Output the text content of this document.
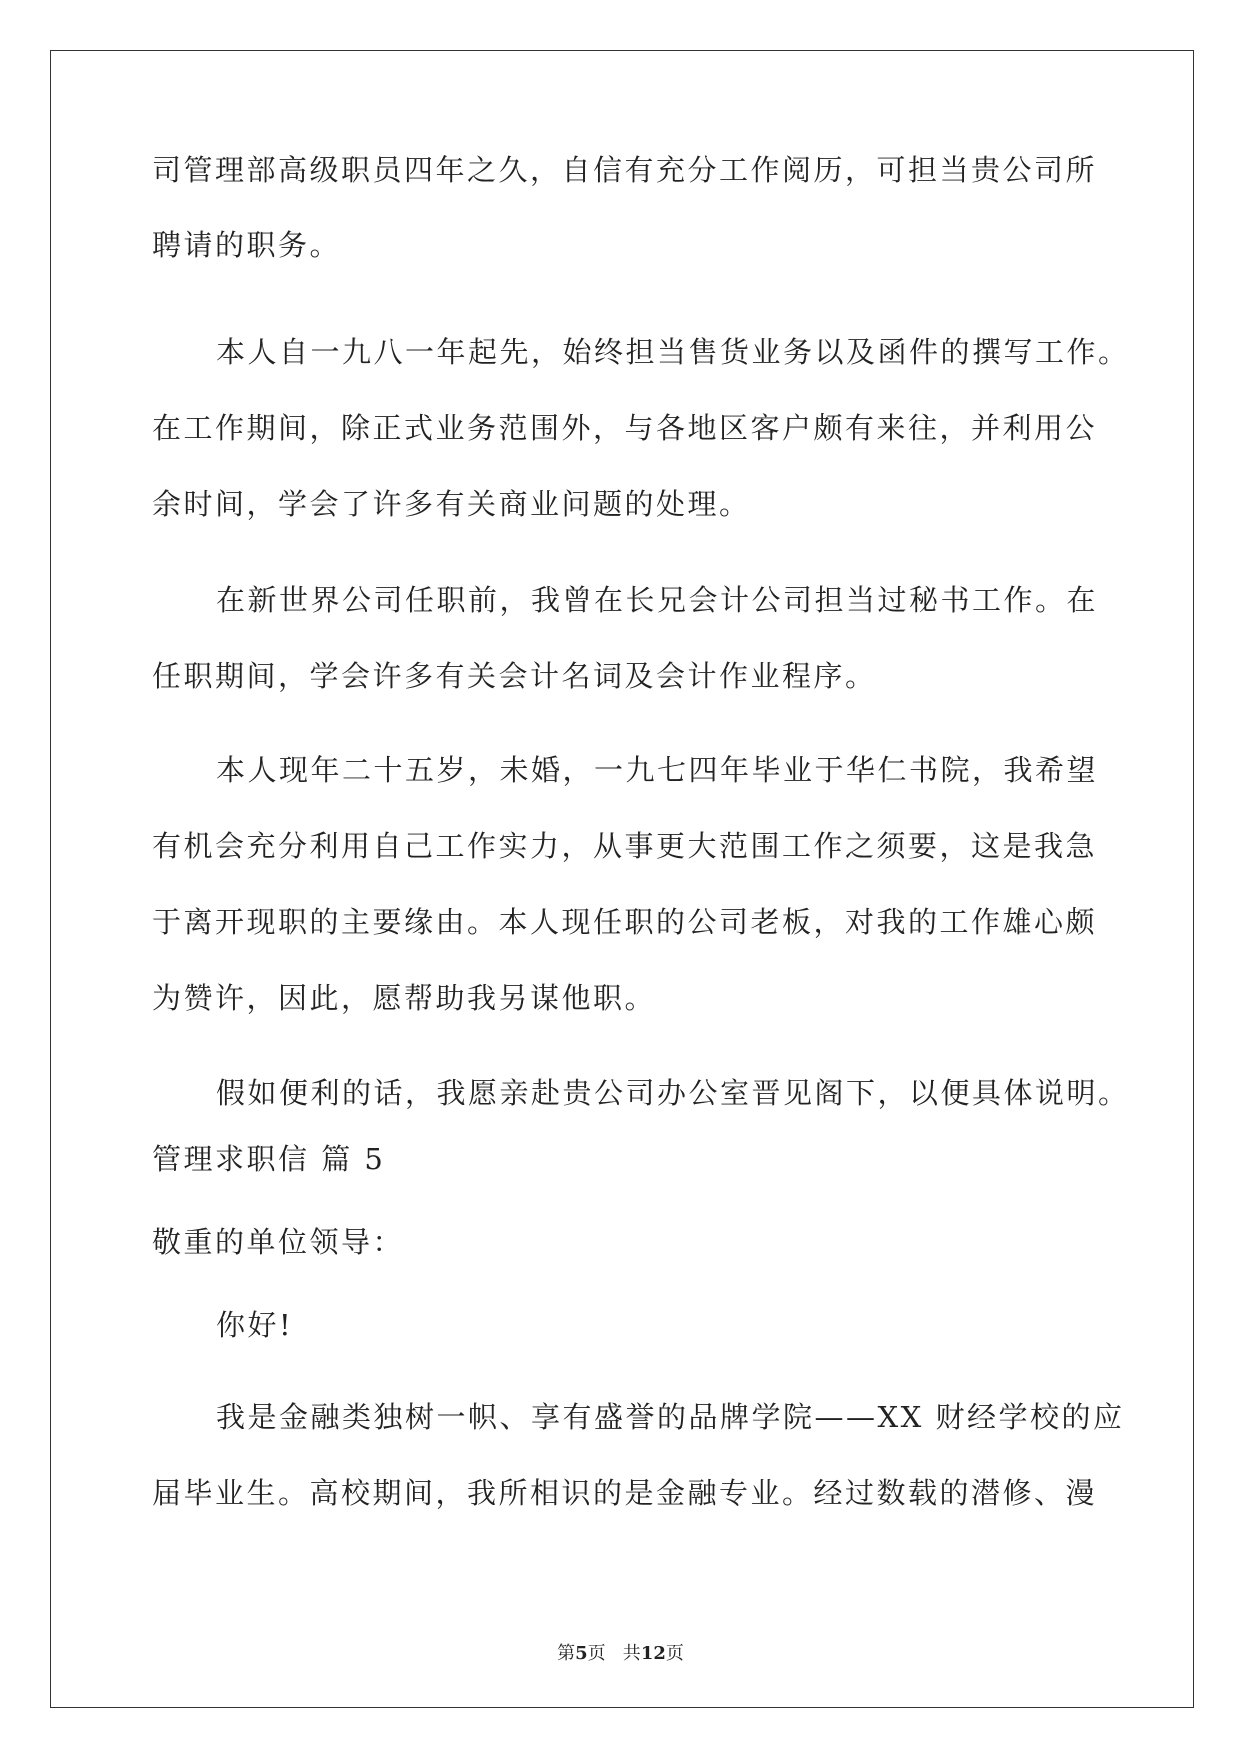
司管理部高级职员四年之久，自信有充分工作阅历，可担当贵公司所
聘请的职务。
本人自一九八一年起先，始终担当售货业务以及函件的撰写工作。
在工作期间，除正式业务范围外，与各地区客户颇有来往，并利用公
余时间，学会了许多有关商业问题的处理。
在新世界公司任职前，我曾在长兄会计公司担当过秘书工作。在
任职期间，学会许多有关会计名词及会计作业程序。
本人现年二十五岁，未婚，一九七四年毕业于华仁书院，我希望
有机会充分利用自己工作实力，从事更大范围工作之须要，这是我急
于离开现职的主要缘由。本人现任职的公司老板，对我的工作雄心颇
为赞许，因此，愿帮助我另谋他职。
假如便利的话，我愿亲赴贵公司办公室晋见阁下，以便具体说明。
管理求职信 篇 5
敬重的单位领导：
你好!
我是金融类独树一帜、享有盛誉的品牌学院——XX 财经学校的应
届毕业生。高校期间，我所相识的是金融专业。经过数载的潜修、漫
第5页   共12页
